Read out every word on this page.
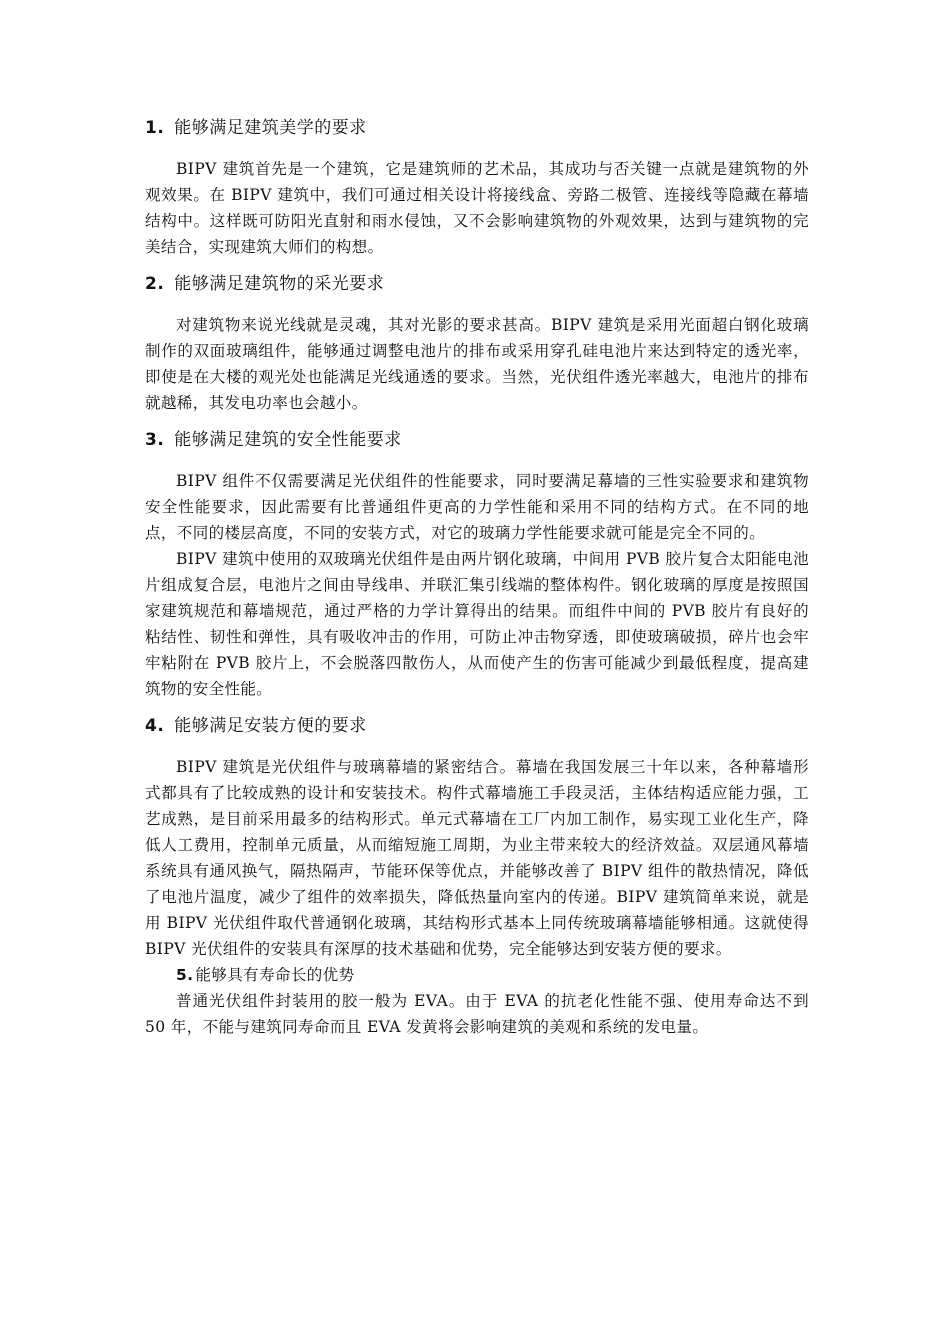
1. 能够满足建筑美学的要求

BIPV 建筑首先是一个建筑，它是建筑师的艺术品，其成功与否关键一点就是建筑物的外观效果。在 BIPV 建筑中，我们可通过相关设计将接线盒、旁路二极管、连接线等隐藏在幕墙结构中。这样既可防阳光直射和雨水侵蚀，又不会影响建筑物的外观效果，达到与建筑物的完美结合，实现建筑大师们的构想。

2. 能够满足建筑物的采光要求

对建筑物来说光线就是灵魂，其对光影的要求甚高。BIPV 建筑是采用光面超白钢化玻璃制作的双面玻璃组件，能够通过调整电池片的排布或采用穿孔硅电池片来达到特定的透光率，即使是在大楼的观光处也能满足光线通透的要求。当然，光伏组件透光率越大，电池片的排布就越稀，其发电功率也会越小。

3. 能够满足建筑的安全性能要求

BIPV 组件不仅需要满足光伏组件的性能要求，同时要满足幕墙的三性实验要求和建筑物安全性能要求，因此需要有比普通组件更高的力学性能和采用不同的结构方式。在不同的地点，不同的楼层高度，不同的安装方式，对它的玻璃力学性能要求就可能是完全不同的。

BIPV 建筑中使用的双玻璃光伏组件是由两片钢化玻璃，中间用 PVB 胶片复合太阳能电池片组成复合层，电池片之间由导线串、并联汇集引线端的整体构件。钢化玻璃的厚度是按照国家建筑规范和幕墙规范，通过严格的力学计算得出的结果。而组件中间的 PVB 胶片有良好的粘结性、韧性和弹性，具有吸收冲击的作用，可防止冲击物穿透，即使玻璃破损，碎片也会牢牢粘附在 PVB 胶片上，不会脱落四散伤人，从而使产生的伤害可能减少到最低程度，提高建筑物的安全性能。

4. 能够满足安装方便的要求

BIPV 建筑是光伏组件与玻璃幕墙的紧密结合。幕墙在我国发展三十年以来，各种幕墙形式都具有了比较成熟的设计和安装技术。构件式幕墙施工手段灵活，主体结构适应能力强，工艺成熟，是目前采用最多的结构形式。单元式幕墙在工厂内加工制作，易实现工业化生产，降低人工费用，控制单元质量，从而缩短施工周期，为业主带来较大的经济效益。双层通风幕墙系统具有通风换气，隔热隔声，节能环保等优点，并能够改善了 BIPV 组件的散热情况，降低了电池片温度，减少了组件的效率损失，降低热量向室内的传递。BIPV 建筑简单来说，就是用 BIPV 光伏组件取代普通钢化玻璃，其结构形式基本上同传统玻璃幕墙能够相通。这就使得 BIPV 光伏组件的安装具有深厚的技术基础和优势，完全能够达到安装方便的要求。

5. 能够具有寿命长的优势

普通光伏组件封装用的胶一般为 EVA。由于 EVA 的抗老化性能不强、使用寿命达不到 50 年，不能与建筑同寿命而且 EVA 发黄将会影响建筑的美观和系统的发电量。
